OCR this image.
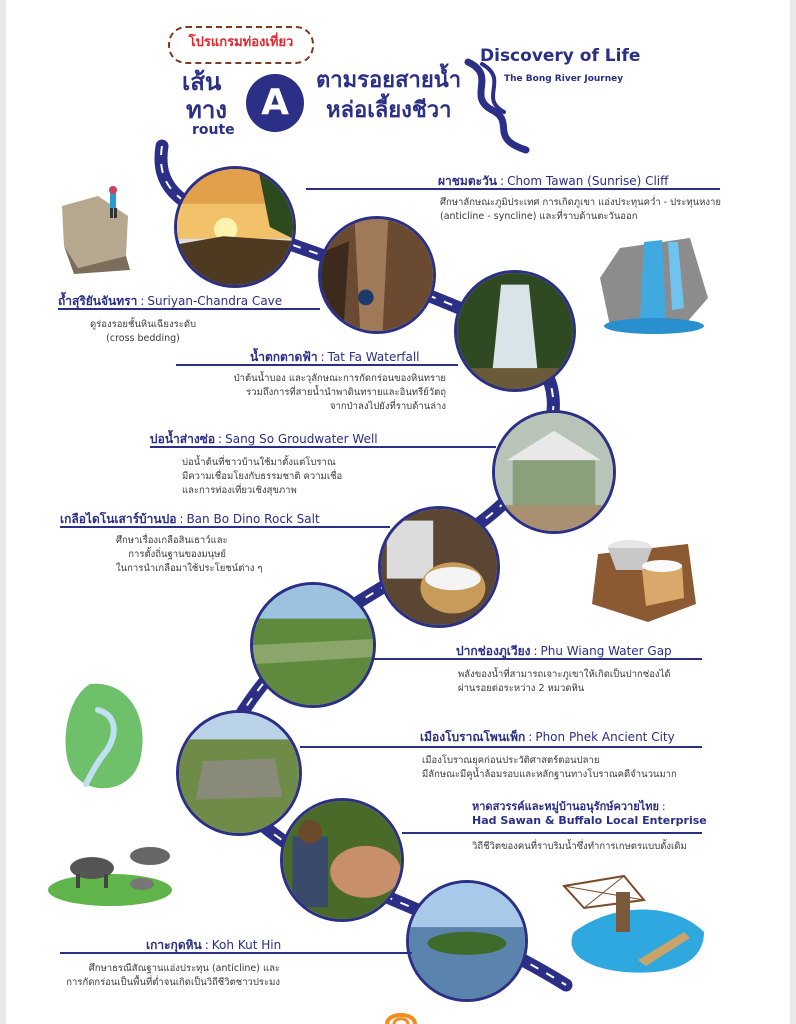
โปรแกรมท่องเที่ยว
เส้น
ทาง
route
A
ตามรอยสายน้ำ
หล่อเลี้ยงชีวา
Discovery of Life
The Bong River Journey
ผาชมตะวัน : Chom Tawan (Sunrise) Cliff
ศึกษาลักษณะภูมิประเทศ การเกิดภูเขา แอ่งประทุนคว่ำ - ประทุนหงาย
(anticline - syncline) และที่ราบด้านตะวันออก
ถ้ำสุริยันจันทรา : Suriyan-Chandra Cave
ดูร่องรอยชั้นหินเฉียงระดับ
(cross bedding)
น้ำตกตาดฟ้า : Tat Fa Waterfall
ป่าต้นน้ำบอง และวุลักษณะการกัดกร่อนของหินทราย
รวมถึงการที่สายน้ำนำพาดินทรายและอินทรีย์วัตถุ
จากป่าลงไปยังที่ราบด้านล่าง
บ่อน้ำส่างซ่อ : Sang So Groudwater Well
บ่อน้ำต้นที่ชาวบ้านใช้มาตั้งแต่โบราณ
มีความเชื่อมโยงกับธรรมชาติ ความเชื่อ
และการท่องเที่ยวเชิงสุขภาพ
เกลือไดโนเสาร์บ้านปอ : Ban Bo Dino Rock Salt
ศึกษาเรื่องเกลือสินเธาว์และ
การตั้งถิ่นฐานของมนุษย์
ในการนำเกลือมาใช้ประโยชน์ต่าง ๆ
ปากช่องภูเวียง : Phu Wiang Water Gap
พลังของน้ำที่สามารถเจาะภูเขาให้เกิดเป็นปากช่องได้
ผ่านรอยต่อระหว่าง 2 หมวดหิน
เมืองโบราณโพนเพ็ก : Phon Phek Ancient City
เมืองโบราณยุคก่อนประวัติศาสตร์ตอนปลาย
มีลักษณะมีคูน้ำล้อมรอบและหลักฐานทางโบราณคดีจำนวนมาก
หาดสวรรค์และหมู่บ้านอนุรักษ์ควายไทย :
Had Sawan & Buffalo Local Enterprise
วิถีชีวิตของคนที่ราบริมน้ำซึ่งทำการเกษตรแบบดั้งเดิม
เกาะกุดหิน : Koh Kut Hin
ศึกษาธรณีสัณฐานแอ่งประทุน (anticline) และ
การกัดกร่อนเป็นพื้นที่ต่ำจนเกิดเป็นวิถีชีวิตชาวประมง
